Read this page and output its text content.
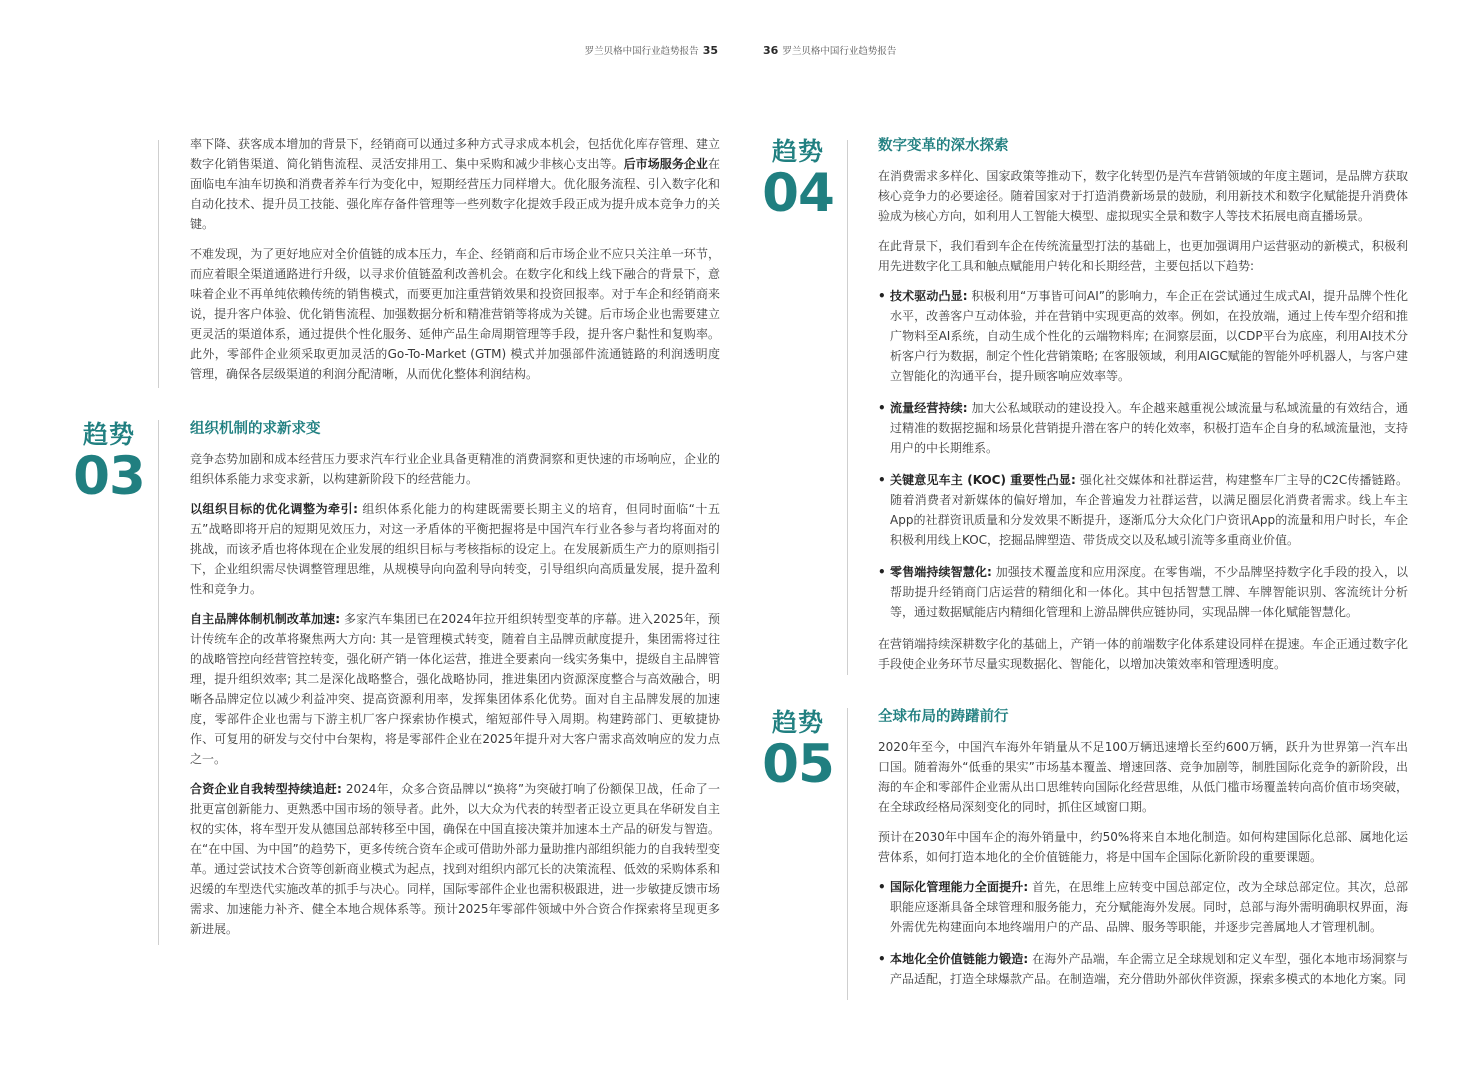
罗兰贝格中国行业趋势报告 35	36 罗兰贝格中国行业趋势报告
趋势
03
趋势
04
趋势
05

率下降、获客成本增加的背景下，经销商可以通过多种方式寻求成本机会，包括优化库存管理、建立数字化销售渠道、简化销售流程、灵活安排用工、集中采购和减少非核心支出等。后市场服务企业在面临电车油车切换和消费者养车行为变化中，短期经营压力同样增大。优化服务流程、引入数字化和自动化技术、提升员工技能、强化库存备件管理等一些列数字化提效手段正成为提升成本竞争力的关键。

不难发现，为了更好地应对全价值链的成本压力，车企、经销商和后市场企业不应只关注单一环节，而应着眼全渠道通路进行升级，以寻求价值链盈利改善机会。在数字化和线上线下融合的背景下，意味着企业不再单纯依赖传统的销售模式，而要更加注重营销效果和投资回报率。对于车企和经销商来说，提升客户体验、优化销售流程、加强数据分析和精准营销等将成为关键。后市场企业也需要建立更灵活的渠道体系，通过提供个性化服务、延伸产品生命周期管理等手段，提升客户黏性和复购率。此外，零部件企业须采取更加灵活的Go-To-Market (GTM) 模式并加强部件流通链路的利润透明度管理，确保各层级渠道的利润分配清晰，从而优化整体利润结构。

组织机制的求新求变

竞争态势加剧和成本经营压力要求汽车行业企业具备更精准的消费洞察和更快速的市场响应，企业的组织体系能力求变求新，以构建新阶段下的经营能力。

以组织目标的优化调整为牵引: 组织体系化能力的构建既需要长期主义的培育，但同时面临“十五五”战略即将开启的短期见效压力，对这一矛盾体的平衡把握将是中国汽车行业各参与者均将面对的挑战，而该矛盾也将体现在企业发展的组织目标与考核指标的设定上。在发展新质生产力的原则指引下，企业组织需尽快调整管理思维，从规模导向向盈利导向转变，引导组织向高质量发展，提升盈利性和竞争力。

自主品牌体制机制改革加速: 多家汽车集团已在2024年拉开组织转型变革的序幕。进入2025年，预计传统车企的改革将聚焦两大方向: 其一是管理模式转变，随着自主品牌贡献度提升，集团需将过往的战略管控向经营管控转变，强化研产销一体化运营，推进全要素向一线实务集中，提级自主品牌管理，提升组织效率; 其二是深化战略整合，强化战略协同，推进集团内资源深度整合与高效融合，明晰各品牌定位以减少利益冲突、提高资源利用率，发挥集团体系化优势。面对自主品牌发展的加速度，零部件企业也需与下游主机厂客户探索协作模式，缩短部件导入周期。构建跨部门、更敏捷协作、可复用的研发与交付中台架构，将是零部件企业在2025年提升对大客户需求高效响应的发力点之一。

合资企业自我转型持续追赶: 2024年，众多合资品牌以“换将”为突破打响了份额保卫战，任命了一批更富创新能力、更熟悉中国市场的领导者。此外，以大众为代表的转型者正设立更具在华研发自主权的实体，将车型开发从德国总部转移至中国，确保在中国直接决策并加速本土产品的研发与智造。在“在中国、为中国”的趋势下，更多传统合资车企或可借助外部力量助推内部组织能力的自我转型变革。通过尝试技术合资等创新商业模式为起点，找到对组织内部冗长的决策流程、低效的采购体系和迟缓的车型迭代实施改革的抓手与决心。同样，国际零部件企业也需积极跟进，进一步敏捷反馈市场需求、加速能力补齐、健全本地合规体系等。预计2025年零部件领域中外合资合作探索将呈现更多新进展。

数字变革的深水探索

在消费需求多样化、国家政策等推动下，数字化转型仍是汽车营销领域的年度主题词，是品牌方获取核心竞争力的必要途径。随着国家对于打造消费新场景的鼓励，利用新技术和数字化赋能提升消费体验成为核心方向，如利用人工智能大模型、虚拟现实全景和数字人等技术拓展电商直播场景。

在此背景下，我们看到车企在传统流量型打法的基础上，也更加强调用户运营驱动的新模式，积极利用先进数字化工具和触点赋能用户转化和长期经营，主要包括以下趋势:

• 技术驱动凸显: 积极利用“万事皆可问AI”的影响力，车企正在尝试通过生成式AI，提升品牌个性化水平，改善客户互动体验，并在营销中实现更高的效率。例如，在投放端，通过上传车型介绍和推广物料至AI系统，自动生成个性化的云端物料库; 在洞察层面，以CDP平台为底座，利用AI技术分析客户行为数据，制定个性化营销策略; 在客服领域，利用AIGC赋能的智能外呼机器人，与客户建立智能化的沟通平台，提升顾客响应效率等。
• 流量经营持续: 加大公私域联动的建设投入。车企越来越重视公域流量与私域流量的有效结合，通过精准的数据挖掘和场景化营销提升潜在客户的转化效率，积极打造车企自身的私域流量池，支持用户的中长期维系。
• 关键意见车主 (KOC) 重要性凸显: 强化社交媒体和社群运营，构建整车厂主导的C2C传播链路。随着消费者对新媒体的偏好增加，车企普遍发力社群运营，以满足圈层化消费者需求。线上车主App的社群资讯质量和分发效果不断提升，逐渐瓜分大众化门户资讯App的流量和用户时长，车企积极利用线上KOC，挖掘品牌塑造、带货成交以及私域引流等多重商业价值。
• 零售端持续智慧化: 加强技术覆盖度和应用深度。在零售端，不少品牌坚持数字化手段的投入，以帮助提升经销商门店运营的精细化和一体化。其中包括智慧工牌、车牌智能识别、客流统计分析等，通过数据赋能店内精细化管理和上游品牌供应链协同，实现品牌一体化赋能智慧化。

在营销端持续深耕数字化的基础上，产销一体的前端数字化体系建设同样在提速。车企正通过数字化手段使企业务环节尽量实现数据化、智能化，以增加决策效率和管理透明度。

全球布局的踌躇前行

2020年至今，中国汽车海外年销量从不足100万辆迅速增长至约600万辆，跃升为世界第一汽车出口国。随着海外“低垂的果实”市场基本覆盖、增速回落、竞争加剧等，制胜国际化竞争的新阶段，出海的车企和零部件企业需从出口思维转向国际化经营思维，从低门槛市场覆盖转向高价值市场突破，在全球政经格局深刻变化的同时，抓住区域窗口期。

预计在2030年中国车企的海外销量中，约50%将来自本地化制造。如何构建国际化总部、属地化运营体系，如何打造本地化的全价值链能力，将是中国车企国际化新阶段的重要课题。

• 国际化管理能力全面提升: 首先，在思维上应转变中国总部定位，改为全球总部定位。其次，总部职能应逐渐具备全球管理和服务能力，充分赋能海外发展。同时，总部与海外需明确职权界面，海外需优先构建面向本地终端用户的产品、品牌、服务等职能，并逐步完善属地人才管理机制。
• 本地化全价值链能力锻造: 在海外产品端，车企需立足全球规划和定义车型，强化本地市场洞察与产品适配，打造全球爆款产品。在制造端，充分借助外部伙伴资源，探索多模式的本地化方案。同
